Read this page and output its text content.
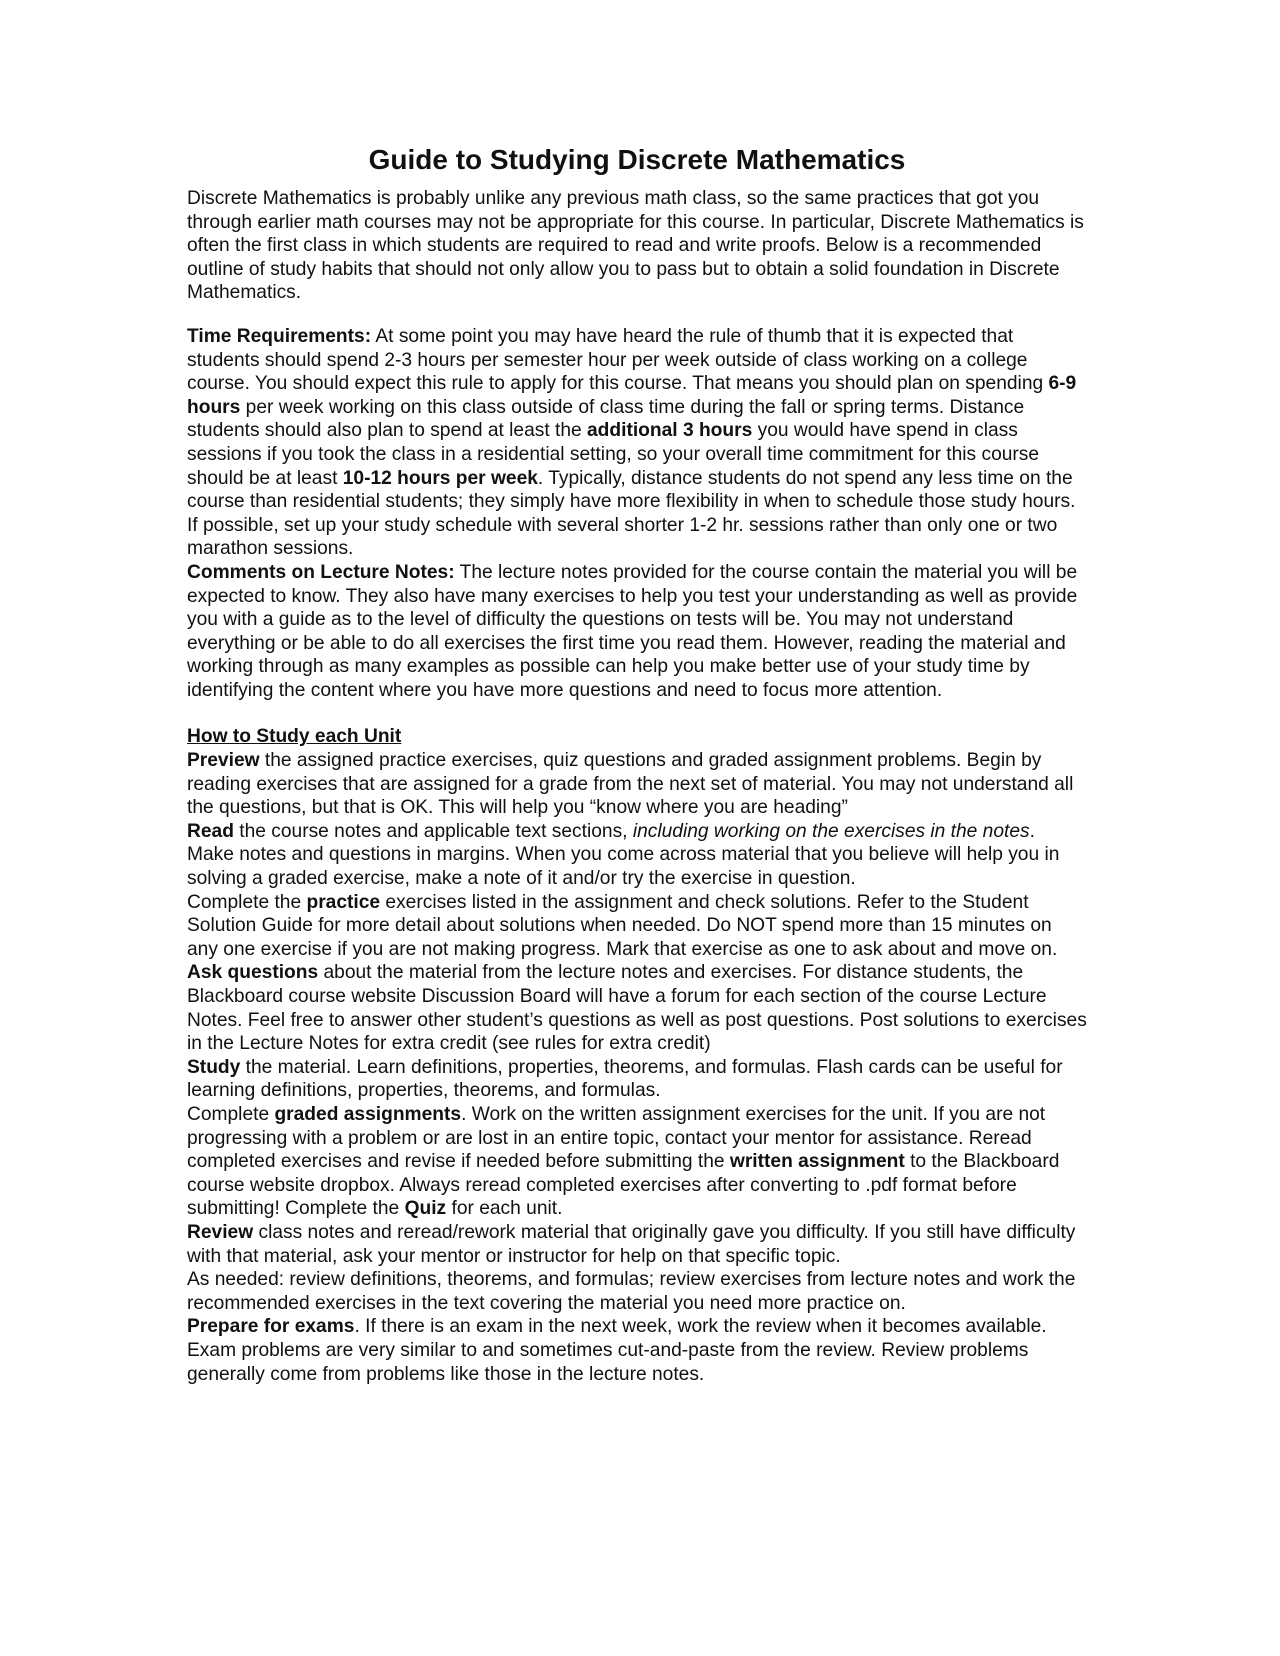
Guide to Studying Discrete Mathematics

Discrete Mathematics is probably unlike any previous math class, so the same practices that got you through earlier math courses may not be appropriate for this course. In particular, Discrete Mathematics is often the first class in which students are required to read and write proofs. Below is a recommended outline of study habits that should not only allow you to pass but to obtain a solid foundation in Discrete Mathematics.

Time Requirements: At some point you may have heard the rule of thumb that it is expected that students should spend 2-3 hours per semester hour per week outside of class working on a college course. You should expect this rule to apply for this course. That means you should plan on spending 6-9 hours per week working on this class outside of class time during the fall or spring terms. Distance students should also plan to spend at least the additional 3 hours you would have spend in class sessions if you took the class in a residential setting, so your overall time commitment for this course should be at least 10-12 hours per week. Typically, distance students do not spend any less time on the course than residential students; they simply have more flexibility in when to schedule those study hours. If possible, set up your study schedule with several shorter 1-2 hr. sessions rather than only one or two marathon sessions.

Comments on Lecture Notes: The lecture notes provided for the course contain the material you will be expected to know. They also have many exercises to help you test your understanding as well as provide you with a guide as to the level of difficulty the questions on tests will be. You may not understand everything or be able to do all exercises the first time you read them. However, reading the material and working through as many examples as possible can help you make better use of your study time by identifying the content where you have more questions and need to focus more attention.

How to Study each Unit

Preview the assigned practice exercises, quiz questions and graded assignment problems. Begin by reading exercises that are assigned for a grade from the next set of material. You may not understand all the questions, but that is OK. This will help you “know where you are heading”

Read the course notes and applicable text sections, including working on the exercises in the notes. Make notes and questions in margins. When you come across material that you believe will help you in solving a graded exercise, make a note of it and/or try the exercise in question.

Complete the practice exercises listed in the assignment and check solutions. Refer to the Student Solution Guide for more detail about solutions when needed. Do NOT spend more than 15 minutes on any one exercise if you are not making progress. Mark that exercise as one to ask about and move on.

Ask questions about the material from the lecture notes and exercises. For distance students, the Blackboard course website Discussion Board will have a forum for each section of the course Lecture Notes. Feel free to answer other student’s questions as well as post questions. Post solutions to exercises in the Lecture Notes for extra credit (see rules for extra credit)

Study the material. Learn definitions, properties, theorems, and formulas. Flash cards can be useful for learning definitions, properties, theorems, and formulas.

Complete graded assignments. Work on the written assignment exercises for the unit. If you are not progressing with a problem or are lost in an entire topic, contact your mentor for assistance. Reread completed exercises and revise if needed before submitting the written assignment to the Blackboard course website dropbox. Always reread completed exercises after converting to .pdf format before submitting! Complete the Quiz for each unit.

Review class notes and reread/rework material that originally gave you difficulty. If you still have difficulty with that material, ask your mentor or instructor for help on that specific topic.

As needed: review definitions, theorems, and formulas; review exercises from lecture notes and work the recommended exercises in the text covering the material you need more practice on.

Prepare for exams. If there is an exam in the next week, work the review when it becomes available. Exam problems are very similar to and sometimes cut-and-paste from the review. Review problems generally come from problems like those in the lecture notes.
